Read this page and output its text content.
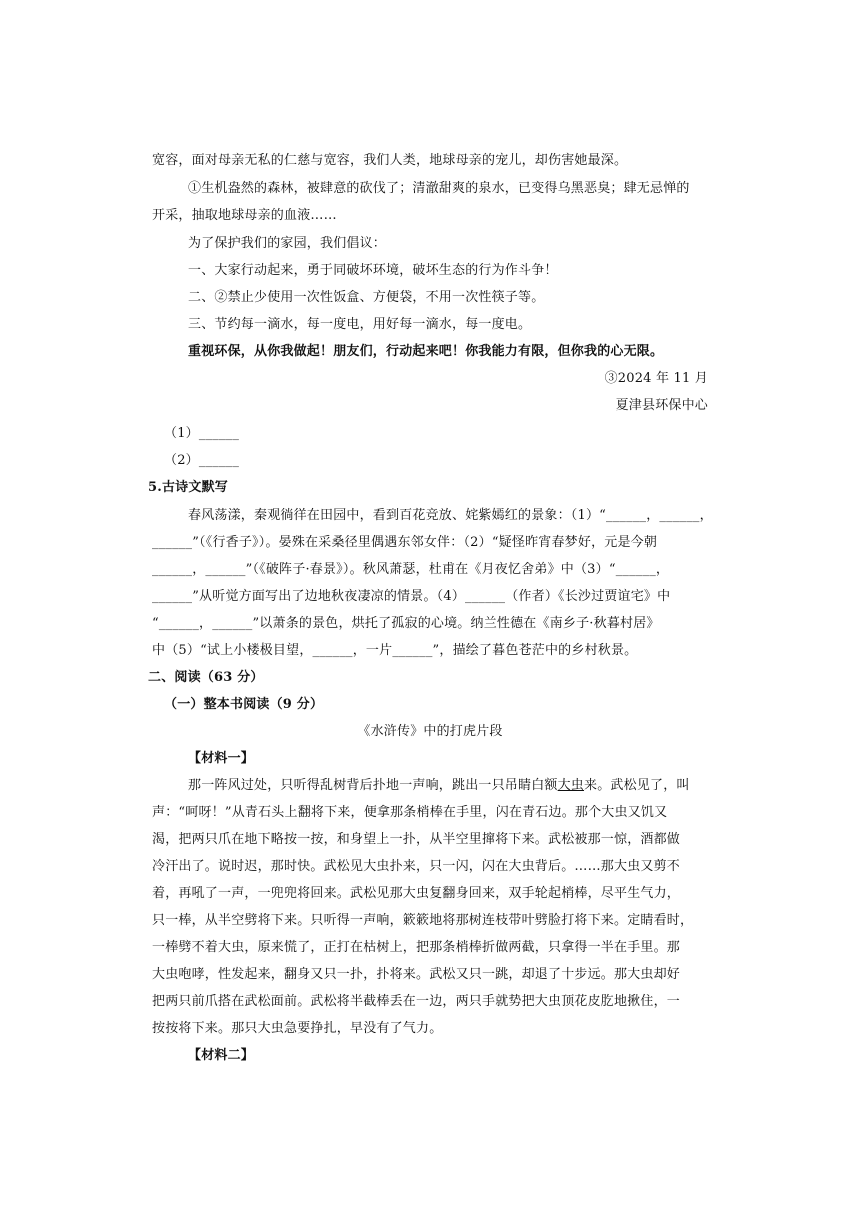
宽容，面对母亲无私的仁慈与宽容，我们人类，地球母亲的宠儿，却伤害她最深。
①生机盎然的森林，被肆意的砍伐了；清澈甜爽的泉水，已变得乌黑恶臭；肆无忌惮的
开采，抽取地球母亲的血液……
为了保护我们的家园，我们倡议：
一、大家行动起来，勇于同破坏环境，破坏生态的行为作斗争！
二、②禁止少使用一次性饭盒、方便袋，不用一次性筷子等。
三、节约每一滴水，每一度电，用好每一滴水，每一度电。
重视环保，从你我做起！朋友们，行动起来吧！你我能力有限，但你我的心无限。
③2024 年 11 月
夏津县环保中心
（1）______
（2）______
5.古诗文默写
春风荡漾，秦观徜徉在田园中，看到百花竞放、姹紫嫣红的景象：（1）“______，______，
______”（《行香子》）。晏殊在采桑径里偶遇东邻女伴：（2）“疑怪昨宵春梦好，元是今朝
______，______”（《破阵子·春景》）。秋风萧瑟，杜甫在《月夜忆舍弟》中（3）“______，
______”从听觉方面写出了边地秋夜凄凉的情景。（4）______（作者）《长沙过贾谊宅》中
“______，______”以萧条的景色，烘托了孤寂的心境。纳兰性德在《南乡子·秋暮村居》
中（5）“试上小楼极目望，______，一片______”，描绘了暮色苍茫中的乡村秋景。
二、阅读（63 分）
（一）整本书阅读（9 分）
《水浒传》中的打虎片段
【材料一】
那一阵风过处，只听得乱树背后扑地一声响，跳出一只吊睛白额大虫来。武松见了，叫
声：“呵呀！”从青石头上翻将下来，便拿那条梢棒在手里，闪在青石边。那个大虫又饥又
渴，把两只爪在地下略按一按，和身望上一扑，从半空里撺将下来。武松被那一惊，酒都做
冷汗出了。说时迟，那时快。武松见大虫扑来，只一闪，闪在大虫背后。……那大虫又剪不
着，再吼了一声，一兜兜将回来。武松见那大虫复翻身回来，双手轮起梢棒，尽平生气力，
只一棒，从半空劈将下来。只听得一声响，簌簌地将那树连枝带叶劈脸打将下来。定睛看时，
一棒劈不着大虫，原来慌了，正打在枯树上，把那条梢棒折做两截，只拿得一半在手里。那
大虫咆哮，性发起来，翻身又只一扑，扑将来。武松又只一跳，却退了十步远。那大虫却好
把两只前爪搭在武松面前。武松将半截棒丢在一边，两只手就势把大虫顶花皮肐地揪住，一
按按将下来。那只大虫急要挣扎，早没有了气力。
【材料二】
